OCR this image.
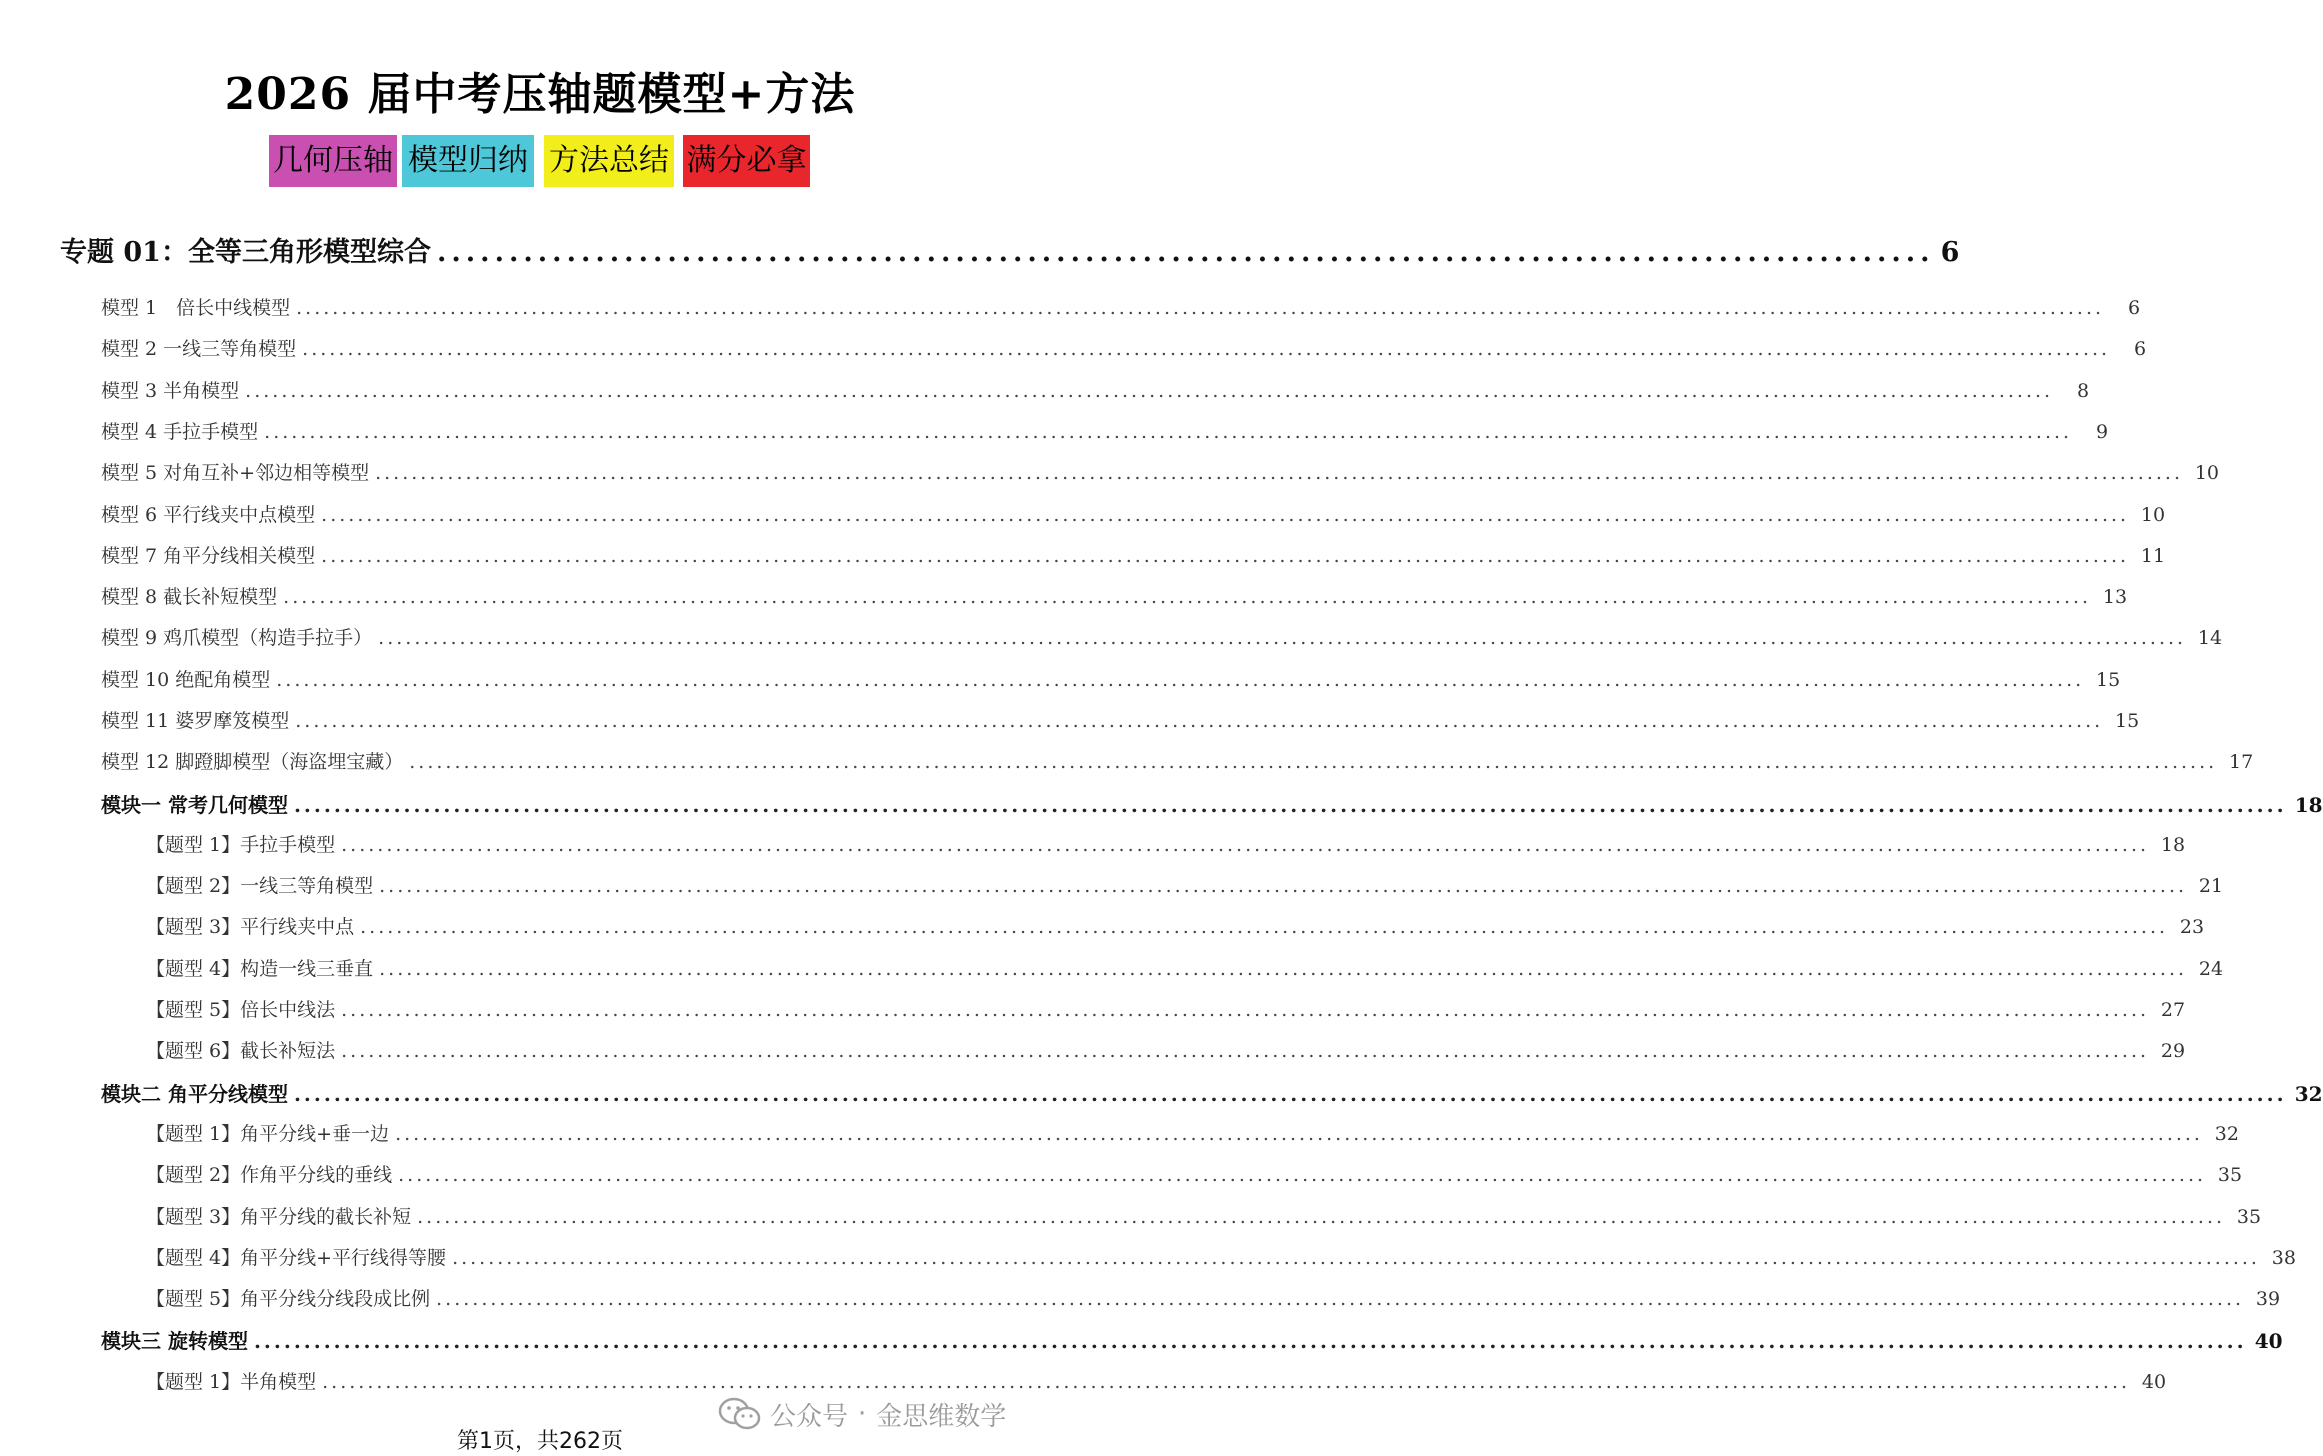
2026 届中考压轴题模型+方法
几何压轴 模型归纳 方法总结 满分必拿
专题 01：全等三角形模型综合 ........................................................................................................ 6
模型 1　倍长中线模型 ........................................................................................................................................................................................................	6
模型 2 一线三等角模型 ........................................................................................................................................................................................................	6
模型 3 半角模型 ........................................................................................................................................................................................................	8
模型 4 手拉手模型 ........................................................................................................................................................................................................	9
模型 5 对角互补+邻边相等模型 ........................................................................................................................................................................................................ 10
模型 6 平行线夹中点模型 ........................................................................................................................................................................................................ 10
模型 7 角平分线相关模型 ........................................................................................................................................................................................................ 11
模型 8 截长补短模型 ........................................................................................................................................................................................................ 13
模型 9 鸡爪模型（构造手拉手） ........................................................................................................................................................................................................ 14
模型 10 绝配角模型 ........................................................................................................................................................................................................ 15
模型 11 婆罗摩笈模型 ........................................................................................................................................................................................................ 15
模型 12 脚蹬脚模型（海盗埋宝藏） ........................................................................................................................................................................................................ 17
模块一 常考几何模型 ........................................................................................................................................................................................................ 18
【题型 1】手拉手模型 ........................................................................................................................................................................................................ 18
【题型 2】一线三等角模型 ........................................................................................................................................................................................................ 21
【题型 3】平行线夹中点 ........................................................................................................................................................................................................ 23
【题型 4】构造一线三垂直 ........................................................................................................................................................................................................ 24
【题型 5】倍长中线法 ........................................................................................................................................................................................................ 27
【题型 6】截长补短法 ........................................................................................................................................................................................................ 29
模块二 角平分线模型 ........................................................................................................................................................................................................ 32
【题型 1】角平分线+垂一边 ........................................................................................................................................................................................................ 32
【题型 2】作角平分线的垂线 ........................................................................................................................................................................................................ 35
【题型 3】角平分线的截长补短 ........................................................................................................................................................................................................ 35
【题型 4】角平分线+平行线得等腰 ........................................................................................................................................................................................................ 38
【题型 5】角平分线分线段成比例 ........................................................................................................................................................................................................ 39
模块三 旋转模型 ........................................................................................................................................................................................................ 40
【题型 1】半角模型 ........................................................................................................................................................................................................ 40
公众号 · 金思维数学
第1页，共262页
